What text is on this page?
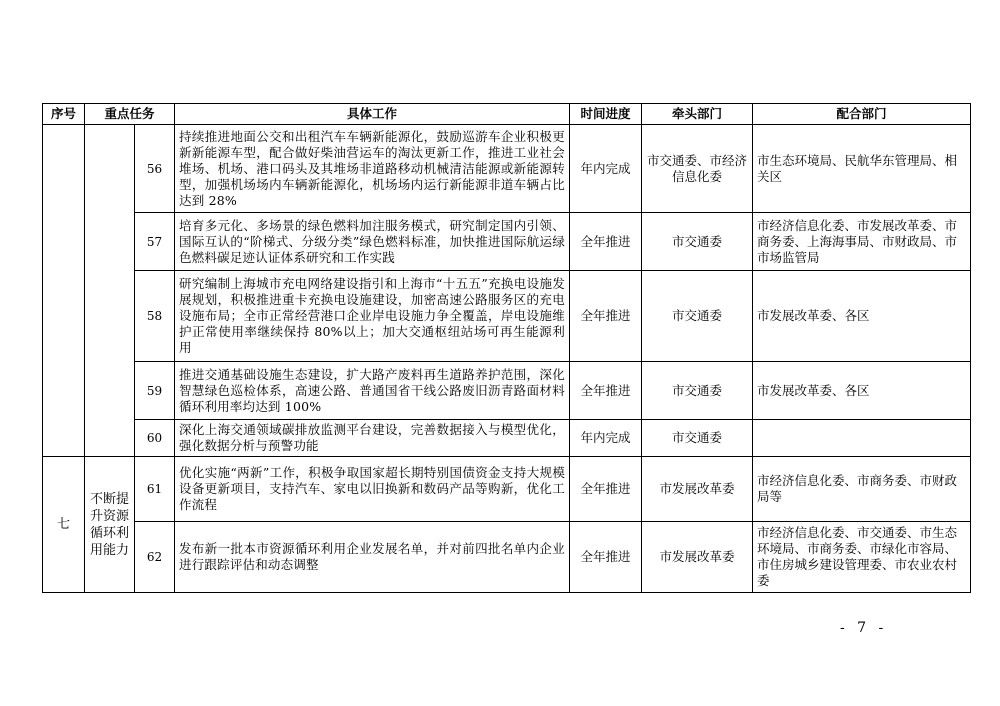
序号	重点任务		具体工作	时间进度	牵头部门	配合部门
		56	持续推进地面公交和出租汽车车辆新能源化，鼓励巡游车企业积极更新新能源车型，配合做好柴油营运车的淘汰更新工作，推进工业社会堆场、机场、港口码头及其堆场非道路移动机械清洁能源或新能源转型，加强机场场内车辆新能源化，机场场内运行新能源非道车辆占比达到 28%	年内完成	市交通委、市经济信息化委	市生态环境局、民航华东管理局、相关区
		57	培育多元化、多场景的绿色燃料加注服务模式，研究制定国内引领、国际互认的“阶梯式、分级分类”绿色燃料标准，加快推进国际航运绿色燃料碳足迹认证体系研究和工作实践	全年推进	市交通委	市经济信息化委、市发展改革委、市商务委、上海海事局、市财政局、市市场监管局
		58	研究编制上海城市充电网络建设指引和上海市“十五五”充换电设施发展规划，积极推进重卡充换电设施建设，加密高速公路服务区的充电设施布局；全市正常经营港口企业岸电设施力争全覆盖，岸电设施维护正常使用率继续保持 80%以上；加大交通枢纽站场可再生能源利用	全年推进	市交通委	市发展改革委、各区
		59	推进交通基础设施生态建设，扩大路产废料再生道路养护范围，深化智慧绿色巡检体系，高速公路、普通国省干线公路废旧沥青路面材料循环利用率均达到 100%	全年推进	市交通委	市发展改革委、各区
		60	深化上海交通领域碳排放监测平台建设，完善数据接入与模型优化，强化数据分析与预警功能	年内完成	市交通委	
七	不断提升资源循环利用能力	61	优化实施“两新”工作，积极争取国家超长期特别国债资金支持大规模设备更新项目，支持汽车、家电以旧换新和数码产品等购新，优化工作流程	全年推进	市发展改革委	市经济信息化委、市商务委、市财政局等
		62	发布新一批本市资源循环利用企业发展名单，并对前四批名单内企业进行跟踪评估和动态调整	全年推进	市发展改革委	市经济信息化委、市交通委、市生态环境局、市商务委、市绿化市容局、市住房城乡建设管理委、市农业农村委
- 7 -
